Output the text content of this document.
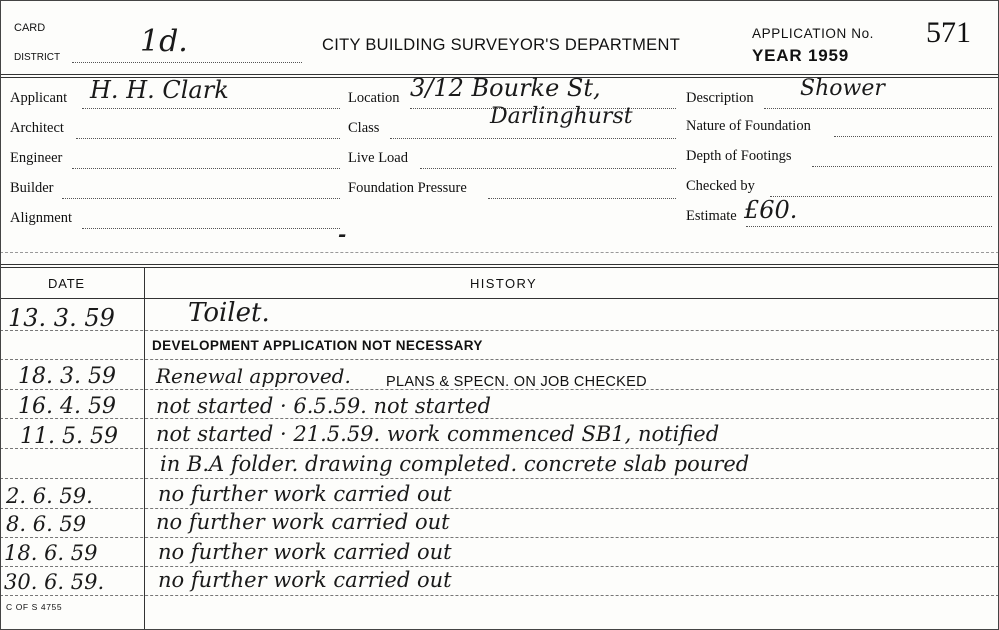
CARD
DISTRICT	1d.	CITY BUILDING SURVEYOR'S DEPARTMENT
APPLICATION No.
YEAR 1959
571
Applicant H. H. Clark
Architect
Engineer
Builder
Alignment
Location 3/12 Bourke St,
Class	Darlinghurst
Live Load
Foundation Pressure
-
Description Shower
Nature of Foundation
Depth of Footings
Checked by
Estimate £60.
DATE	HISTORY
13. 3. 59	Toilet.
DEVELOPMENT APPLICATION NOT NECESSARY
18. 3. 59 Renewal approved. PLANS & SPECN. ON JOB CHECKED
16. 4. 59 not started · 6.5.59. not started
11. 5. 59 not started · 21.5.59. work commenced SB1, notified
in B.A folder. drawing completed. concrete slab poured
2. 6. 59.	no further work carried out
8. 6. 59	no further work carried out
18. 6. 59	no further work carried out
30. 6. 59.	no further work carried out
C OF S 4755
